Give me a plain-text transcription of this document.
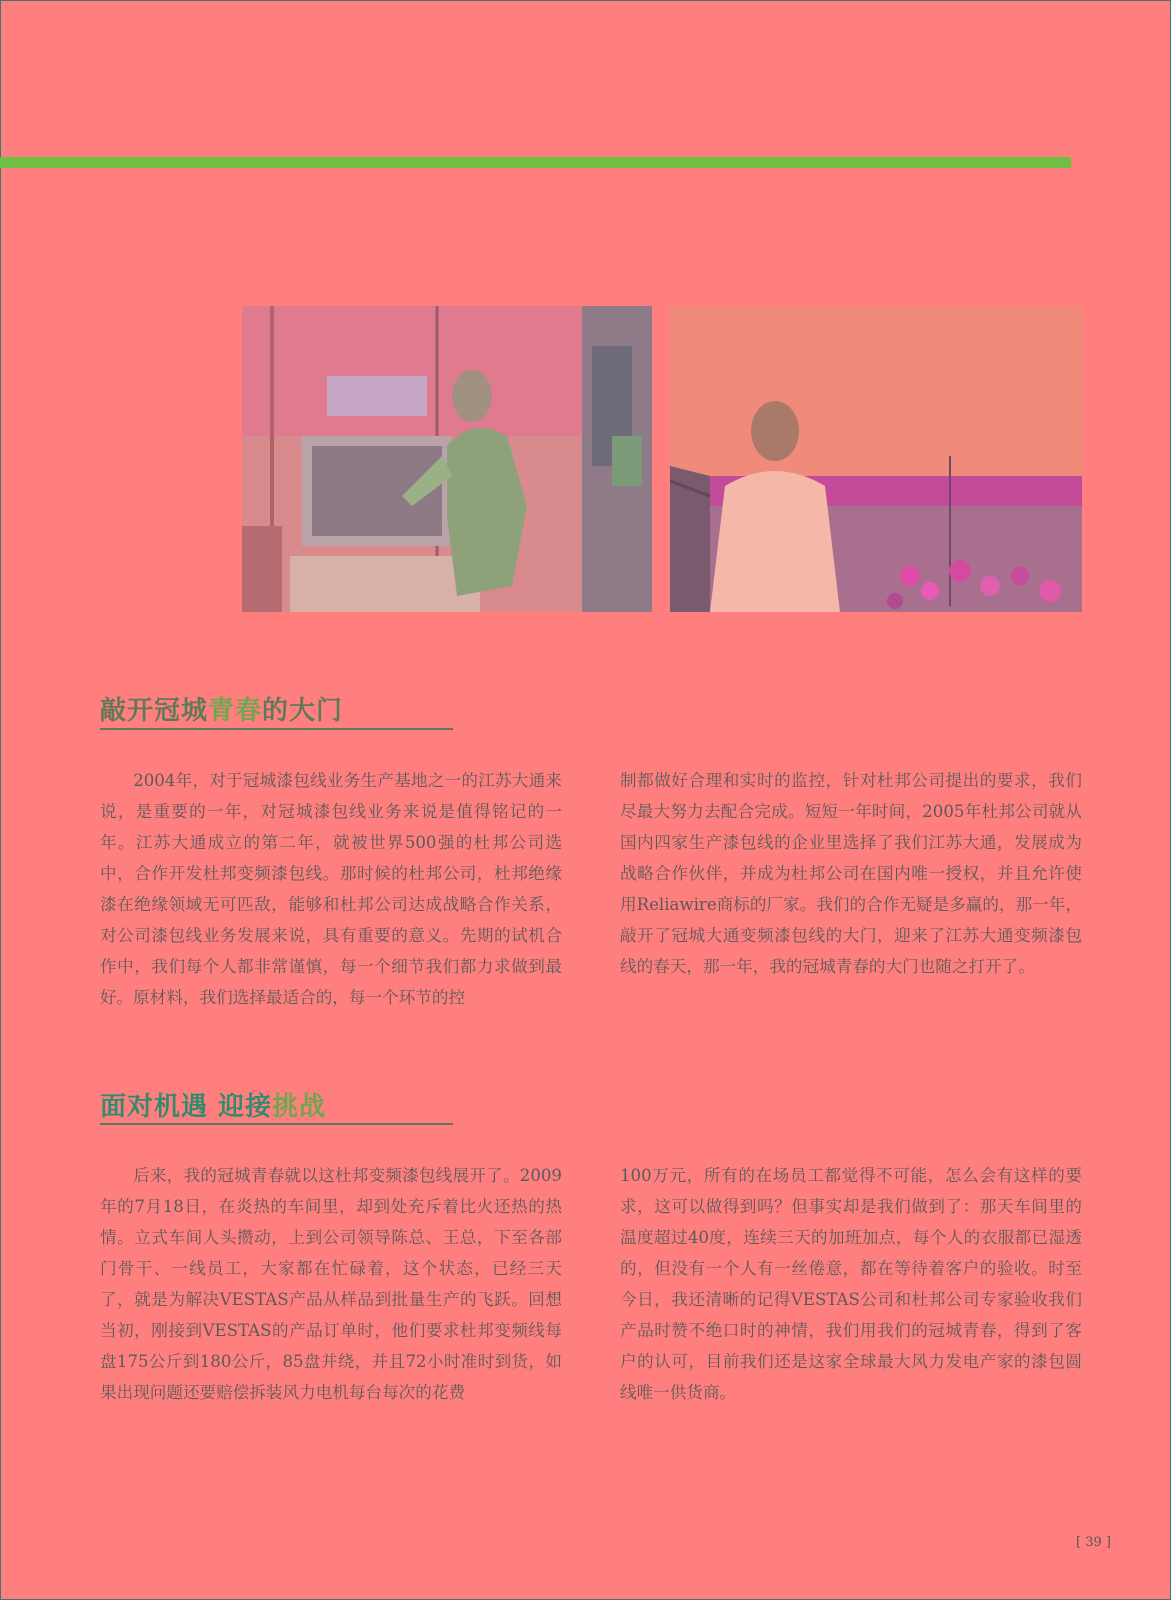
敲开冠城青春的大门

2004年，对于冠城漆包线业务生产基地之一的江苏大通来说，是重要的一年，对冠城漆包线业务来说是值得铭记的一年。江苏大通成立的第二年，就被世界500强的杜邦公司选中，合作开发杜邦变频漆包线。那时候的杜邦公司，杜邦绝缘漆在绝缘领域无可匹敌，能够和杜邦公司达成战略合作关系，对公司漆包线业务发展来说，具有重要的意义。先期的试机合作中，我们每个人都非常谨慎，每一个细节我们都力求做到最好。原材料，我们选择最适合的，每一个环节的控

制都做好合理和实时的监控，针对杜邦公司提出的要求，我们尽最大努力去配合完成。短短一年时间，2005年杜邦公司就从国内四家生产漆包线的企业里选择了我们江苏大通，发展成为战略合作伙伴，并成为杜邦公司在国内唯一授权，并且允许使用Reliawire商标的厂家。我们的合作无疑是多赢的，那一年，敲开了冠城大通变频漆包线的大门，迎来了江苏大通变频漆包线的春天，那一年，我的冠城青春的大门也随之打开了。

面对机遇 迎接挑战

后来，我的冠城青春就以这杜邦变频漆包线展开了。2009年的7月18日，在炎热的车间里，却到处充斥着比火还热的热情。立式车间人头攒动，上到公司领导陈总、王总，下至各部门骨干、一线员工，大家都在忙碌着，这个状态，已经三天了，就是为解决VESTAS产品从样品到批量生产的飞跃。回想当初，刚接到VESTAS的产品订单时，他们要求杜邦变频线每盘175公斤到180公斤，85盘并绕，并且72小时准时到货，如果出现问题还要赔偿拆装风力电机每台每次的花费

100万元，所有的在场员工都觉得不可能，怎么会有这样的要求，这可以做得到吗？但事实却是我们做到了：那天车间里的温度超过40度，连续三天的加班加点，每个人的衣服都已湿透的，但没有一个人有一丝倦意，都在等待着客户的验收。时至今日，我还清晰的记得VESTAS公司和杜邦公司专家验收我们产品时赞不绝口时的神情，我们用我们的冠城青春，得到了客户的认可，目前我们还是这家全球最大风力发电产家的漆包圆线唯一供货商。

[ 39 ]
